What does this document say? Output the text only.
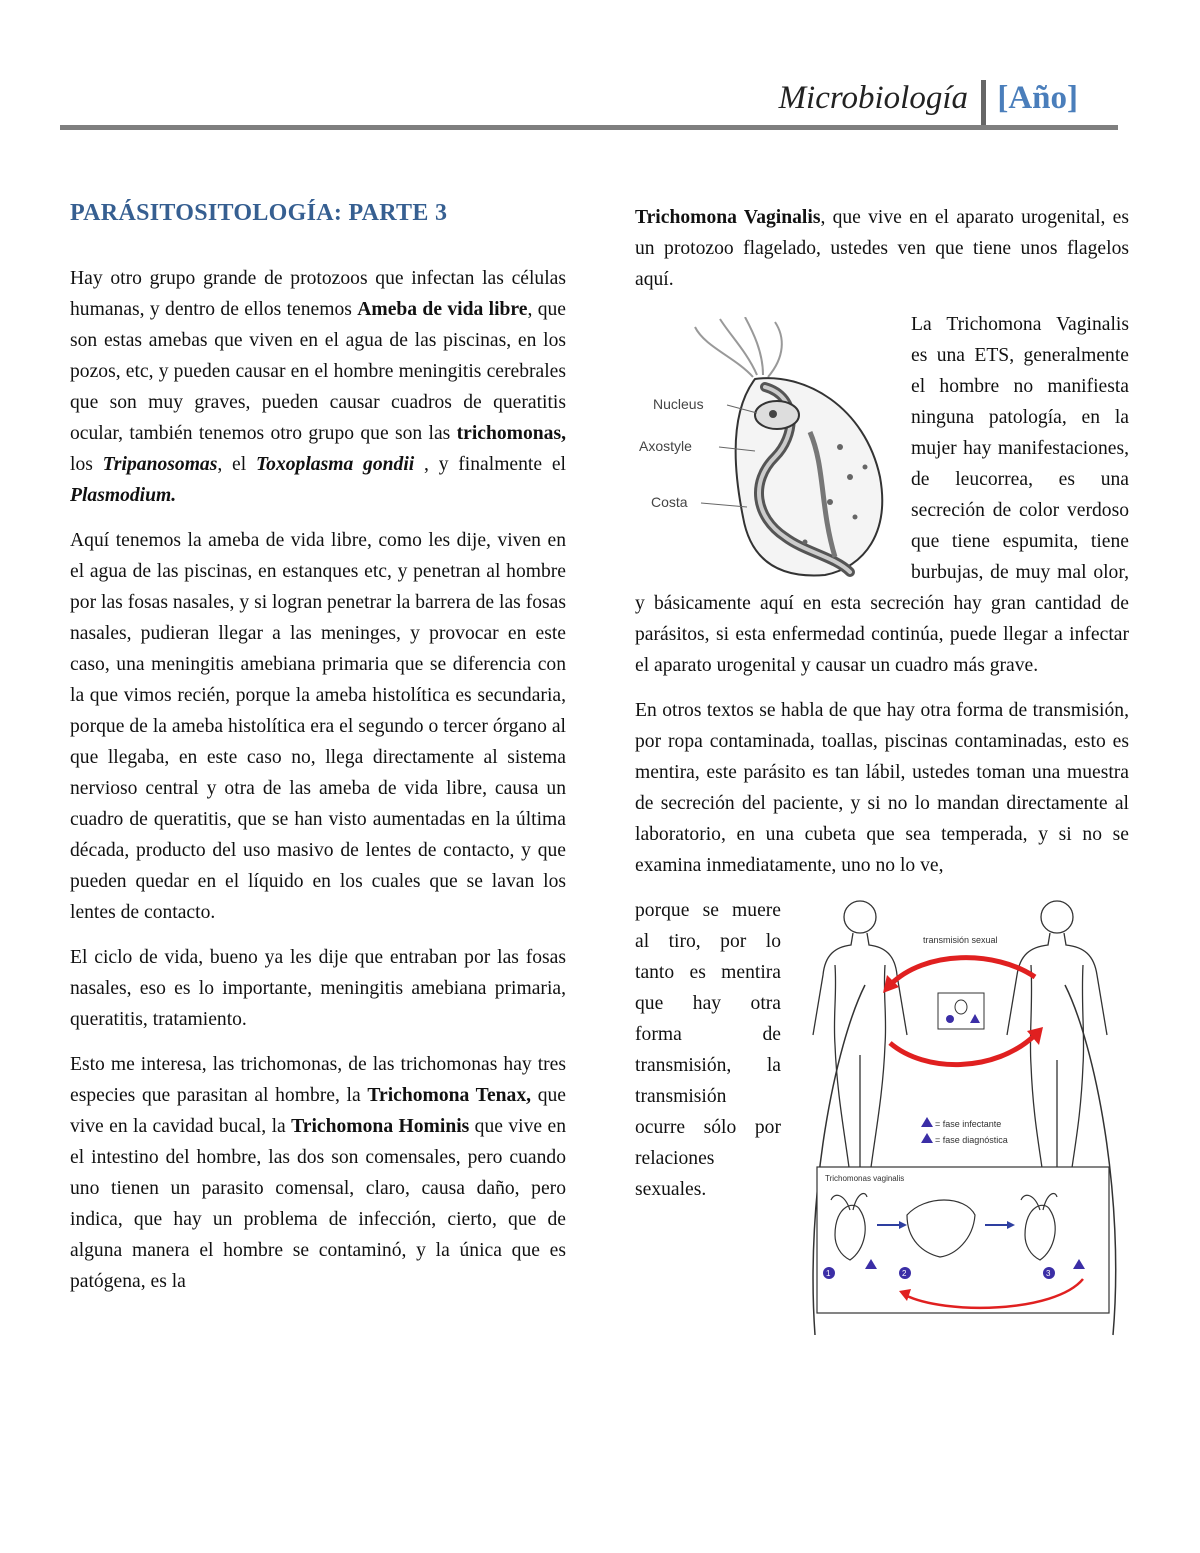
Microbiología [Año]
PARÁSITOSITOLOGÍA: PARTE 3

Hay otro grupo grande de protozoos que infectan las células humanas, y dentro de ellos tenemos Ameba de vida libre, que son estas amebas que viven en el agua de las piscinas, en los pozos, etc, y pueden causar en el hombre meningitis cerebrales que son muy graves, pueden causar cuadros de queratitis ocular, también tenemos otro grupo que son las trichomonas, los Tripanosomas, el Toxoplasma gondii , y finalmente el Plasmodium.

Aquí tenemos la ameba de vida libre, como les dije, viven en el agua de las piscinas, en estanques etc, y penetran al hombre por las fosas nasales, y si logran penetrar la barrera de las fosas nasales, pudieran llegar a las meninges, y provocar en este caso, una meningitis amebiana primaria que se diferencia con la que vimos recién, porque la ameba histolítica es secundaria, porque de la ameba histolítica era el segundo o tercer órgano al que llegaba, en este caso no, llega directamente al sistema nervioso central y otra de las ameba de vida libre, causa un cuadro de queratitis, que se han visto aumentadas en la última década, producto del uso masivo de lentes de contacto, y que pueden quedar en el líquido en los cuales que se lavan los lentes de contacto.

El ciclo de vida, bueno ya les dije que entraban por las fosas nasales, eso es lo importante, meningitis amebiana primaria, queratitis, tratamiento.

Esto me interesa, las trichomonas, de las trichomonas hay tres especies que parasitan al hombre, la Trichomona Tenax, que vive en la cavidad bucal, la Trichomona Hominis que vive en el intestino del hombre, las dos son comensales, pero cuando uno tienen un parasito comensal, claro, causa daño, pero indica, que hay un problema de infección, cierto, que de alguna manera el hombre se contaminó, y la única que es patógena, es la

Trichomona Vaginalis, que vive en el aparato urogenital, es un protozoo flagelado, ustedes ven que tiene unos flagelos aquí.

Nucleus
Axostyle
Costa

La Trichomona Vaginalis es una ETS, generalmente el hombre no manifiesta ninguna patología, en la mujer hay manifestaciones, de leucorrea, es una secreción de color verdoso que tiene espumita, tiene burbujas, de muy mal olor, y básicamente aquí en esta secreción hay gran cantidad de parásitos, si esta enfermedad continúa, puede llegar a infectar el aparato urogenital y causar un cuadro más grave.

En otros textos se habla de que hay otra forma de transmisión, por ropa contaminada, toallas, piscinas contaminadas, esto es mentira, este parásito es tan lábil, ustedes toman una muestra de secreción del paciente, y si no lo mandan directamente al laboratorio, en una cubeta que sea temperada, y si no se examina inmediatamente, uno no lo ve,

transmisión sexual
= fase infectante
= fase diagnóstica
Trichomonas vaginalis
1	2	3

porque se muere al tiro, por lo tanto es mentira que hay otra forma de transmisión, la transmisión ocurre sólo por relaciones sexuales.
